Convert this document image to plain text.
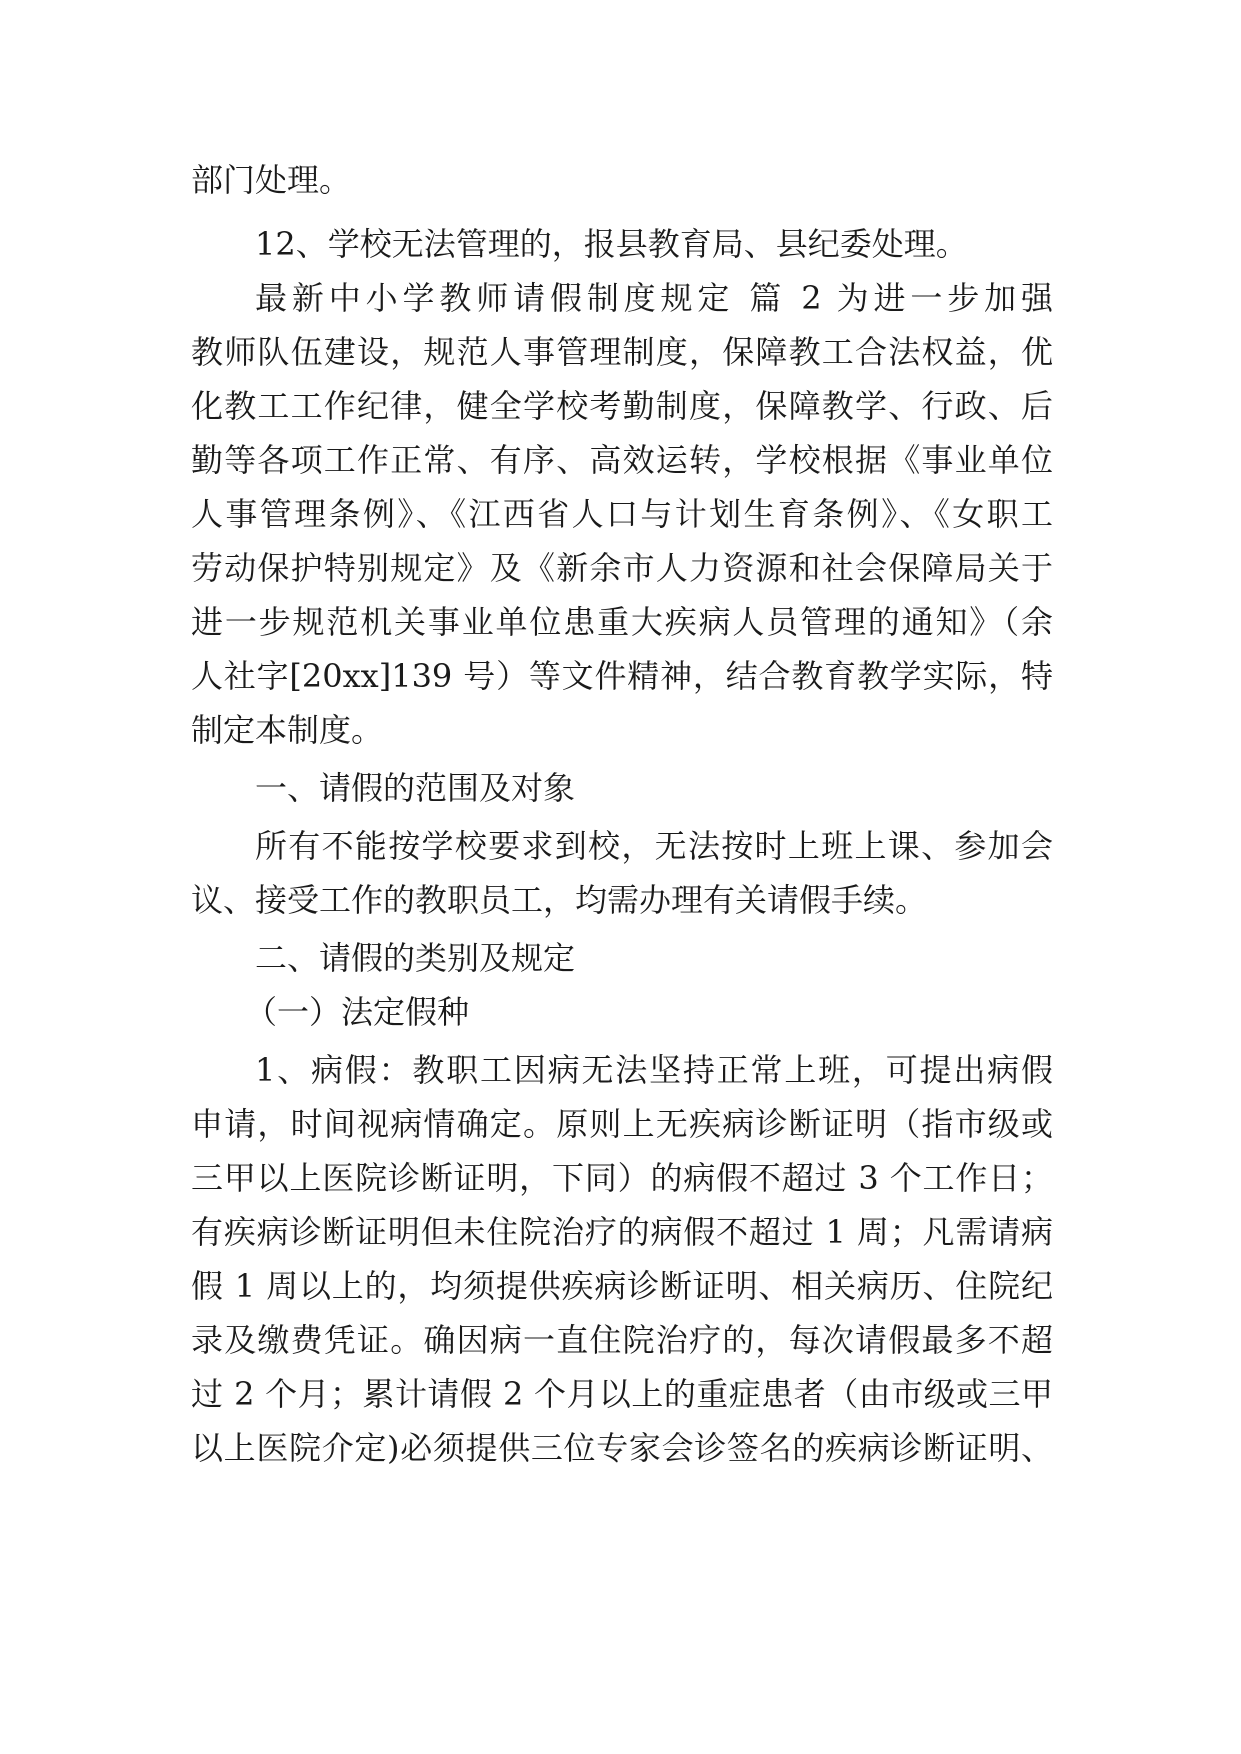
部门处理。
12、学校无法管理的，报县教育局、县纪委处理。
最新中小学教师请假制度规定 篇 2 为进一步加强
教师队伍建设，规范人事管理制度，保障教工合法权益，优
化教工工作纪律，健全学校考勤制度，保障教学、行政、后
勤等各项工作正常、有序、高效运转，学校根据《事业单位
人事管理条例》、《江西省人口与计划生育条例》、《女职工
劳动保护特别规定》及《新余市人力资源和社会保障局关于
进一步规范机关事业单位患重大疾病人员管理的通知》（余
人社字[20xx]139 号）等文件精神，结合教育教学实际，特
制定本制度。
一、请假的范围及对象
所有不能按学校要求到校，无法按时上班上课、参加会
议、接受工作的教职员工，均需办理有关请假手续。
二、请假的类别及规定
（一）法定假种
1、病假：教职工因病无法坚持正常上班，可提出病假
申请，时间视病情确定。原则上无疾病诊断证明（指市级或
三甲以上医院诊断证明，下同）的病假不超过 3 个工作日；
有疾病诊断证明但未住院治疗的病假不超过 1 周；凡需请病
假 1 周以上的，均须提供疾病诊断证明、相关病历、住院纪
录及缴费凭证。确因病一直住院治疗的，每次请假最多不超
过 2 个月；累计请假 2 个月以上的重症患者（由市级或三甲
以上医院介定)必须提供三位专家会诊签名的疾病诊断证明、
